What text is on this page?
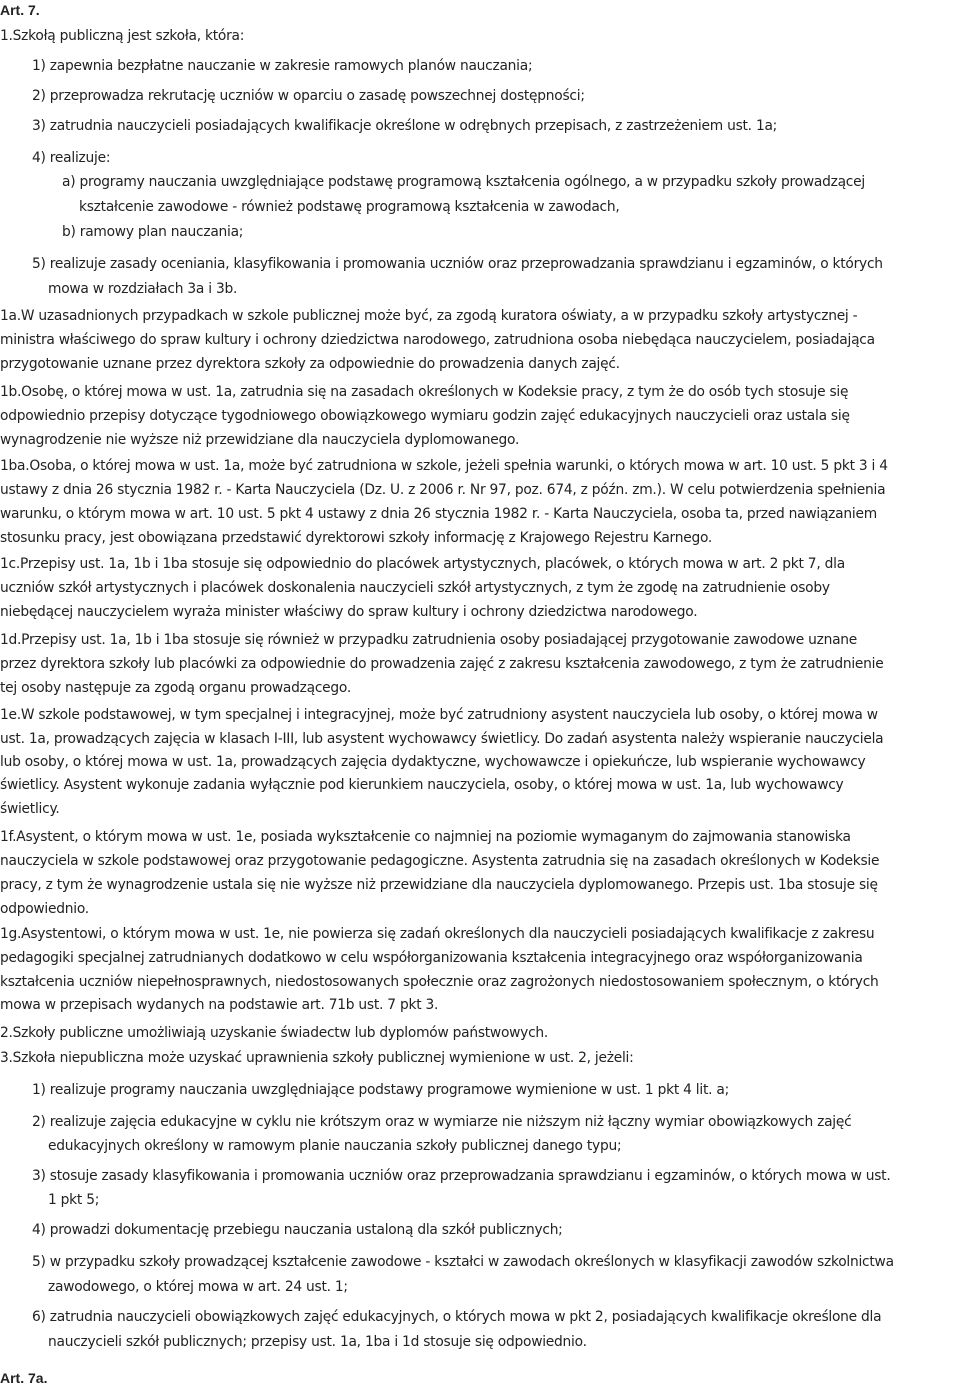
Art. 7.
1.Szkołą publiczną jest szkoła, która:
1) zapewnia bezpłatne nauczanie w zakresie ramowych planów nauczania;
2) przeprowadza rekrutację uczniów w oparciu o zasadę powszechnej dostępności;
3) zatrudnia nauczycieli posiadających kwalifikacje określone w odrębnych przepisach, z zastrzeżeniem ust. 1a;
4) realizuje:
a) programy nauczania uwzględniające podstawę programową kształcenia ogólnego, a w przypadku szkoły prowadzącej
kształcenie zawodowe - również podstawę programową kształcenia w zawodach,
b) ramowy plan nauczania;
5) realizuje zasady oceniania, klasyfikowania i promowania uczniów oraz przeprowadzania sprawdzianu i egzaminów, o których
mowa w rozdziałach 3a i 3b.
1a.W uzasadnionych przypadkach w szkole publicznej może być, za zgodą kuratora oświaty, a w przypadku szkoły artystycznej -
ministra właściwego do spraw kultury i ochrony dziedzictwa narodowego, zatrudniona osoba niebędąca nauczycielem, posiadająca
przygotowanie uznane przez dyrektora szkoły za odpowiednie do prowadzenia danych zajęć.
1b.Osobę, o której mowa w ust. 1a, zatrudnia się na zasadach określonych w Kodeksie pracy, z tym że do osób tych stosuje się
odpowiednio przepisy dotyczące tygodniowego obowiązkowego wymiaru godzin zajęć edukacyjnych nauczycieli oraz ustala się
wynagrodzenie nie wyższe niż przewidziane dla nauczyciela dyplomowanego.
1ba.Osoba, o której mowa w ust. 1a, może być zatrudniona w szkole, jeżeli spełnia warunki, o których mowa w art. 10 ust. 5 pkt 3 i 4
ustawy z dnia 26 stycznia 1982 r. - Karta Nauczyciela (Dz. U. z 2006 r. Nr 97, poz. 674, z późn. zm.). W celu potwierdzenia spełnienia
warunku, o którym mowa w art. 10 ust. 5 pkt 4 ustawy z dnia 26 stycznia 1982 r. - Karta Nauczyciela, osoba ta, przed nawiązaniem
stosunku pracy, jest obowiązana przedstawić dyrektorowi szkoły informację z Krajowego Rejestru Karnego.
1c.Przepisy ust. 1a, 1b i 1ba stosuje się odpowiednio do placówek artystycznych, placówek, o których mowa w art. 2 pkt 7, dla
uczniów szkół artystycznych i placówek doskonalenia nauczycieli szkół artystycznych, z tym że zgodę na zatrudnienie osoby
niebędącej nauczycielem wyraża minister właściwy do spraw kultury i ochrony dziedzictwa narodowego.
1d.Przepisy ust. 1a, 1b i 1ba stosuje się również w przypadku zatrudnienia osoby posiadającej przygotowanie zawodowe uznane
przez dyrektora szkoły lub placówki za odpowiednie do prowadzenia zajęć z zakresu kształcenia zawodowego, z tym że zatrudnienie
tej osoby następuje za zgodą organu prowadzącego.
1e.W szkole podstawowej, w tym specjalnej i integracyjnej, może być zatrudniony asystent nauczyciela lub osoby, o której mowa w
ust. 1a, prowadzących zajęcia w klasach I-III, lub asystent wychowawcy świetlicy. Do zadań asystenta należy wspieranie nauczyciela
lub osoby, o której mowa w ust. 1a, prowadzących zajęcia dydaktyczne, wychowawcze i opiekuńcze, lub wspieranie wychowawcy
świetlicy. Asystent wykonuje zadania wyłącznie pod kierunkiem nauczyciela, osoby, o której mowa w ust. 1a, lub wychowawcy
świetlicy.
1f.Asystent, o którym mowa w ust. 1e, posiada wykształcenie co najmniej na poziomie wymaganym do zajmowania stanowiska
nauczyciela w szkole podstawowej oraz przygotowanie pedagogiczne. Asystenta zatrudnia się na zasadach określonych w Kodeksie
pracy, z tym że wynagrodzenie ustala się nie wyższe niż przewidziane dla nauczyciela dyplomowanego. Przepis ust. 1ba stosuje się
odpowiednio.
1g.Asystentowi, o którym mowa w ust. 1e, nie powierza się zadań określonych dla nauczycieli posiadających kwalifikacje z zakresu
pedagogiki specjalnej zatrudnianych dodatkowo w celu współorganizowania kształcenia integracyjnego oraz współorganizowania
kształcenia uczniów niepełnosprawnych, niedostosowanych społecznie oraz zagrożonych niedostosowaniem społecznym, o których
mowa w przepisach wydanych na podstawie art. 71b ust. 7 pkt 3.
2.Szkoły publiczne umożliwiają uzyskanie świadectw lub dyplomów państwowych.
3.Szkoła niepubliczna może uzyskać uprawnienia szkoły publicznej wymienione w ust. 2, jeżeli:
1) realizuje programy nauczania uwzględniające podstawy programowe wymienione w ust. 1 pkt 4 lit. a;
2) realizuje zajęcia edukacyjne w cyklu nie krótszym oraz w wymiarze nie niższym niż łączny wymiar obowiązkowych zajęć
edukacyjnych określony w ramowym planie nauczania szkoły publicznej danego typu;
3) stosuje zasady klasyfikowania i promowania uczniów oraz przeprowadzania sprawdzianu i egzaminów, o których mowa w ust.
1 pkt 5;
4) prowadzi dokumentację przebiegu nauczania ustaloną dla szkół publicznych;
5) w przypadku szkoły prowadzącej kształcenie zawodowe - kształci w zawodach określonych w klasyfikacji zawodów szkolnictwa
zawodowego, o której mowa w art. 24 ust. 1;
6) zatrudnia nauczycieli obowiązkowych zajęć edukacyjnych, o których mowa w pkt 2, posiadających kwalifikacje określone dla
nauczycieli szkół publicznych; przepisy ust. 1a, 1ba i 1d stosuje się odpowiednio.
Art. 7a.
